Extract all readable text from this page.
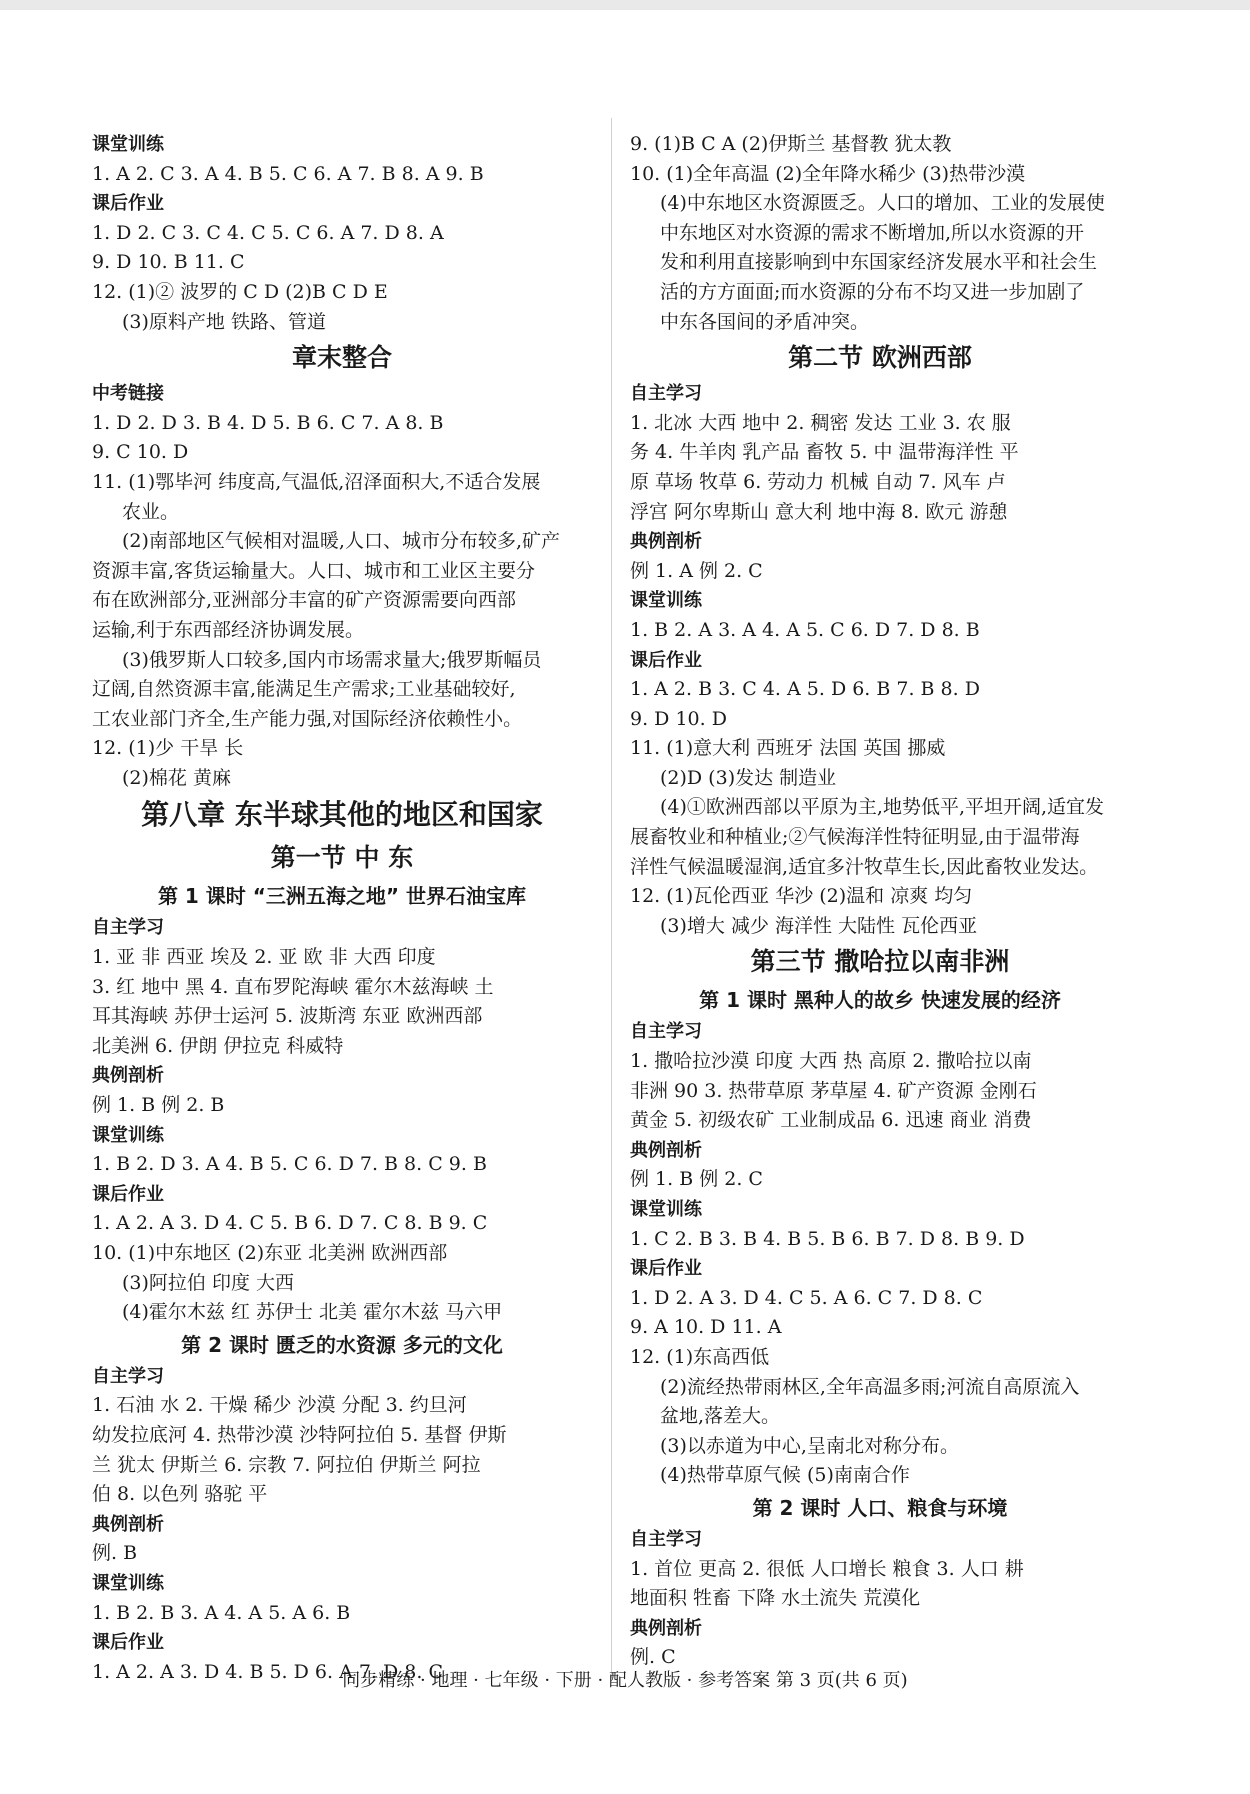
课堂训练
1. A 2. C 3. A 4. B 5. C 6. A 7. B 8. A 9. B
课后作业
1. D 2. C 3. C 4. C 5. C 6. A 7. D 8. A
9. D 10. B 11. C
12. (1)② 波罗的 C D (2)B C D E
(3)原料产地 铁路、管道
章末整合
中考链接
1. D 2. D 3. B 4. D 5. B 6. C 7. A 8. B
9. C 10. D
11. (1)鄂毕河 纬度高,气温低,沼泽面积大,不适合发展
农业。
(2)南部地区气候相对温暖,人口、城市分布较多,矿产
资源丰富,客货运输量大。人口、城市和工业区主要分
布在欧洲部分,亚洲部分丰富的矿产资源需要向西部
运输,利于东西部经济协调发展。
(3)俄罗斯人口较多,国内市场需求量大;俄罗斯幅员
辽阔,自然资源丰富,能满足生产需求;工业基础较好,
工农业部门齐全,生产能力强,对国际经济依赖性小。
12. (1)少 干旱 长
(2)棉花 黄麻
第八章 东半球其他的地区和国家
第一节 中 东
第 1 课时 “三洲五海之地” 世界石油宝库
自主学习
1. 亚 非 西亚 埃及 2. 亚 欧 非 大西 印度
3. 红 地中 黑 4. 直布罗陀海峡 霍尔木兹海峡 土
耳其海峡 苏伊士运河 5. 波斯湾 东亚 欧洲西部
北美洲 6. 伊朗 伊拉克 科威特
典例剖析
例 1. B 例 2. B
课堂训练
1. B 2. D 3. A 4. B 5. C 6. D 7. B 8. C 9. B
课后作业
1. A 2. A 3. D 4. C 5. B 6. D 7. C 8. B 9. C
10. (1)中东地区 (2)东亚 北美洲 欧洲西部
(3)阿拉伯 印度 大西
(4)霍尔木兹 红 苏伊士 北美 霍尔木兹 马六甲
第 2 课时 匮乏的水资源 多元的文化
自主学习
1. 石油 水 2. 干燥 稀少 沙漠 分配 3. 约旦河
幼发拉底河 4. 热带沙漠 沙特阿拉伯 5. 基督 伊斯
兰 犹太 伊斯兰 6. 宗教 7. 阿拉伯 伊斯兰 阿拉
伯 8. 以色列 骆驼 平
典例剖析
例. B
课堂训练
1. B 2. B 3. A 4. A 5. A 6. B
课后作业
1. A 2. A 3. D 4. B 5. D 6. A 7. D 8. C
9. (1)B C A (2)伊斯兰 基督教 犹太教
10. (1)全年高温 (2)全年降水稀少 (3)热带沙漠
(4)中东地区水资源匮乏。人口的增加、工业的发展使
中东地区对水资源的需求不断增加,所以水资源的开
发和利用直接影响到中东国家经济发展水平和社会生
活的方方面面;而水资源的分布不均又进一步加剧了
中东各国间的矛盾冲突。
第二节 欧洲西部
自主学习
1. 北冰 大西 地中 2. 稠密 发达 工业 3. 农 服
务 4. 牛羊肉 乳产品 畜牧 5. 中 温带海洋性 平
原 草场 牧草 6. 劳动力 机械 自动 7. 风车 卢
浮宫 阿尔卑斯山 意大利 地中海 8. 欧元 游憩
典例剖析
例 1. A 例 2. C
课堂训练
1. B 2. A 3. A 4. A 5. C 6. D 7. D 8. B
课后作业
1. A 2. B 3. C 4. A 5. D 6. B 7. B 8. D
9. D 10. D
11. (1)意大利 西班牙 法国 英国 挪威
(2)D (3)发达 制造业
(4)①欧洲西部以平原为主,地势低平,平坦开阔,适宜发
展畜牧业和种植业;②气候海洋性特征明显,由于温带海
洋性气候温暖湿润,适宜多汁牧草生长,因此畜牧业发达。
12. (1)瓦伦西亚 华沙 (2)温和 凉爽 均匀
(3)增大 减少 海洋性 大陆性 瓦伦西亚
第三节 撒哈拉以南非洲
第 1 课时 黑种人的故乡 快速发展的经济
自主学习
1. 撒哈拉沙漠 印度 大西 热 高原 2. 撒哈拉以南
非洲 90 3. 热带草原 茅草屋 4. 矿产资源 金刚石
黄金 5. 初级农矿 工业制成品 6. 迅速 商业 消费
典例剖析
例 1. B 例 2. C
课堂训练
1. C 2. B 3. B 4. B 5. B 6. B 7. D 8. B 9. D
课后作业
1. D 2. A 3. D 4. C 5. A 6. C 7. D 8. C
9. A 10. D 11. A
12. (1)东高西低
(2)流经热带雨林区,全年高温多雨;河流自高原流入
盆地,落差大。
(3)以赤道为中心,呈南北对称分布。
(4)热带草原气候 (5)南南合作
第 2 课时 人口、粮食与环境
自主学习
1. 首位 更高 2. 很低 人口增长 粮食 3. 人口 耕
地面积 牲畜 下降 水土流失 荒漠化
典例剖析
例. C
同步精练 · 地理 · 七年级 · 下册 · 配人教版 · 参考答案 第 3 页(共 6 页)
